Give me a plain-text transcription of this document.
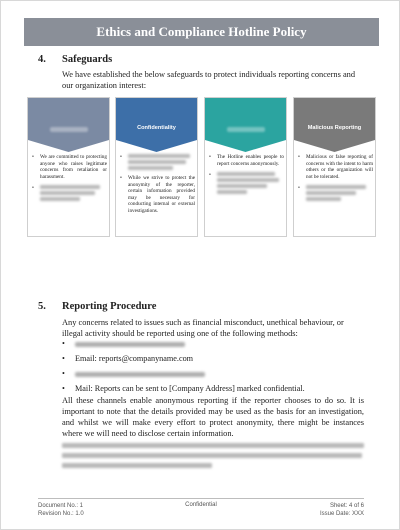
Ethics and Compliance Hotline Policy
4. Safeguards
We have established the below safeguards to protect individuals reporting concerns and our organization interest:
• We are committed to protecting anyone who raises legitimate concerns from retaliation or harassment.
•
Confidentiality
•
• While we strive to protect the anonymity of the reporter, certain information provided may be necessary for conducting internal or external investigations.
• The Hotline enables people to report concerns anonymously.
•
Malicious Reporting
• Malicious or false reporting of concerns with the intent to harm others or the organization will not be tolerated.
•
5. Reporting Procedure
Any concerns related to issues such as financial misconduct, unethical behaviour, or illegal activity should be reported using one of the following methods:
•
• Email: reports@companyname.com
•
• Mail: Reports can be sent to [Company Address] marked confidential.
All these channels enable anonymous reporting if the reporter chooses to do so. It is important to note that the details provided may be used as the basis for an investigation, and whilst we will make every effort to protect anonymity, there might be instances where we will need to disclose certain information.
Confidential
Document No.: 1	Sheet: 4 of 6
Revision No.: 1.0	Issue Date: XXX
